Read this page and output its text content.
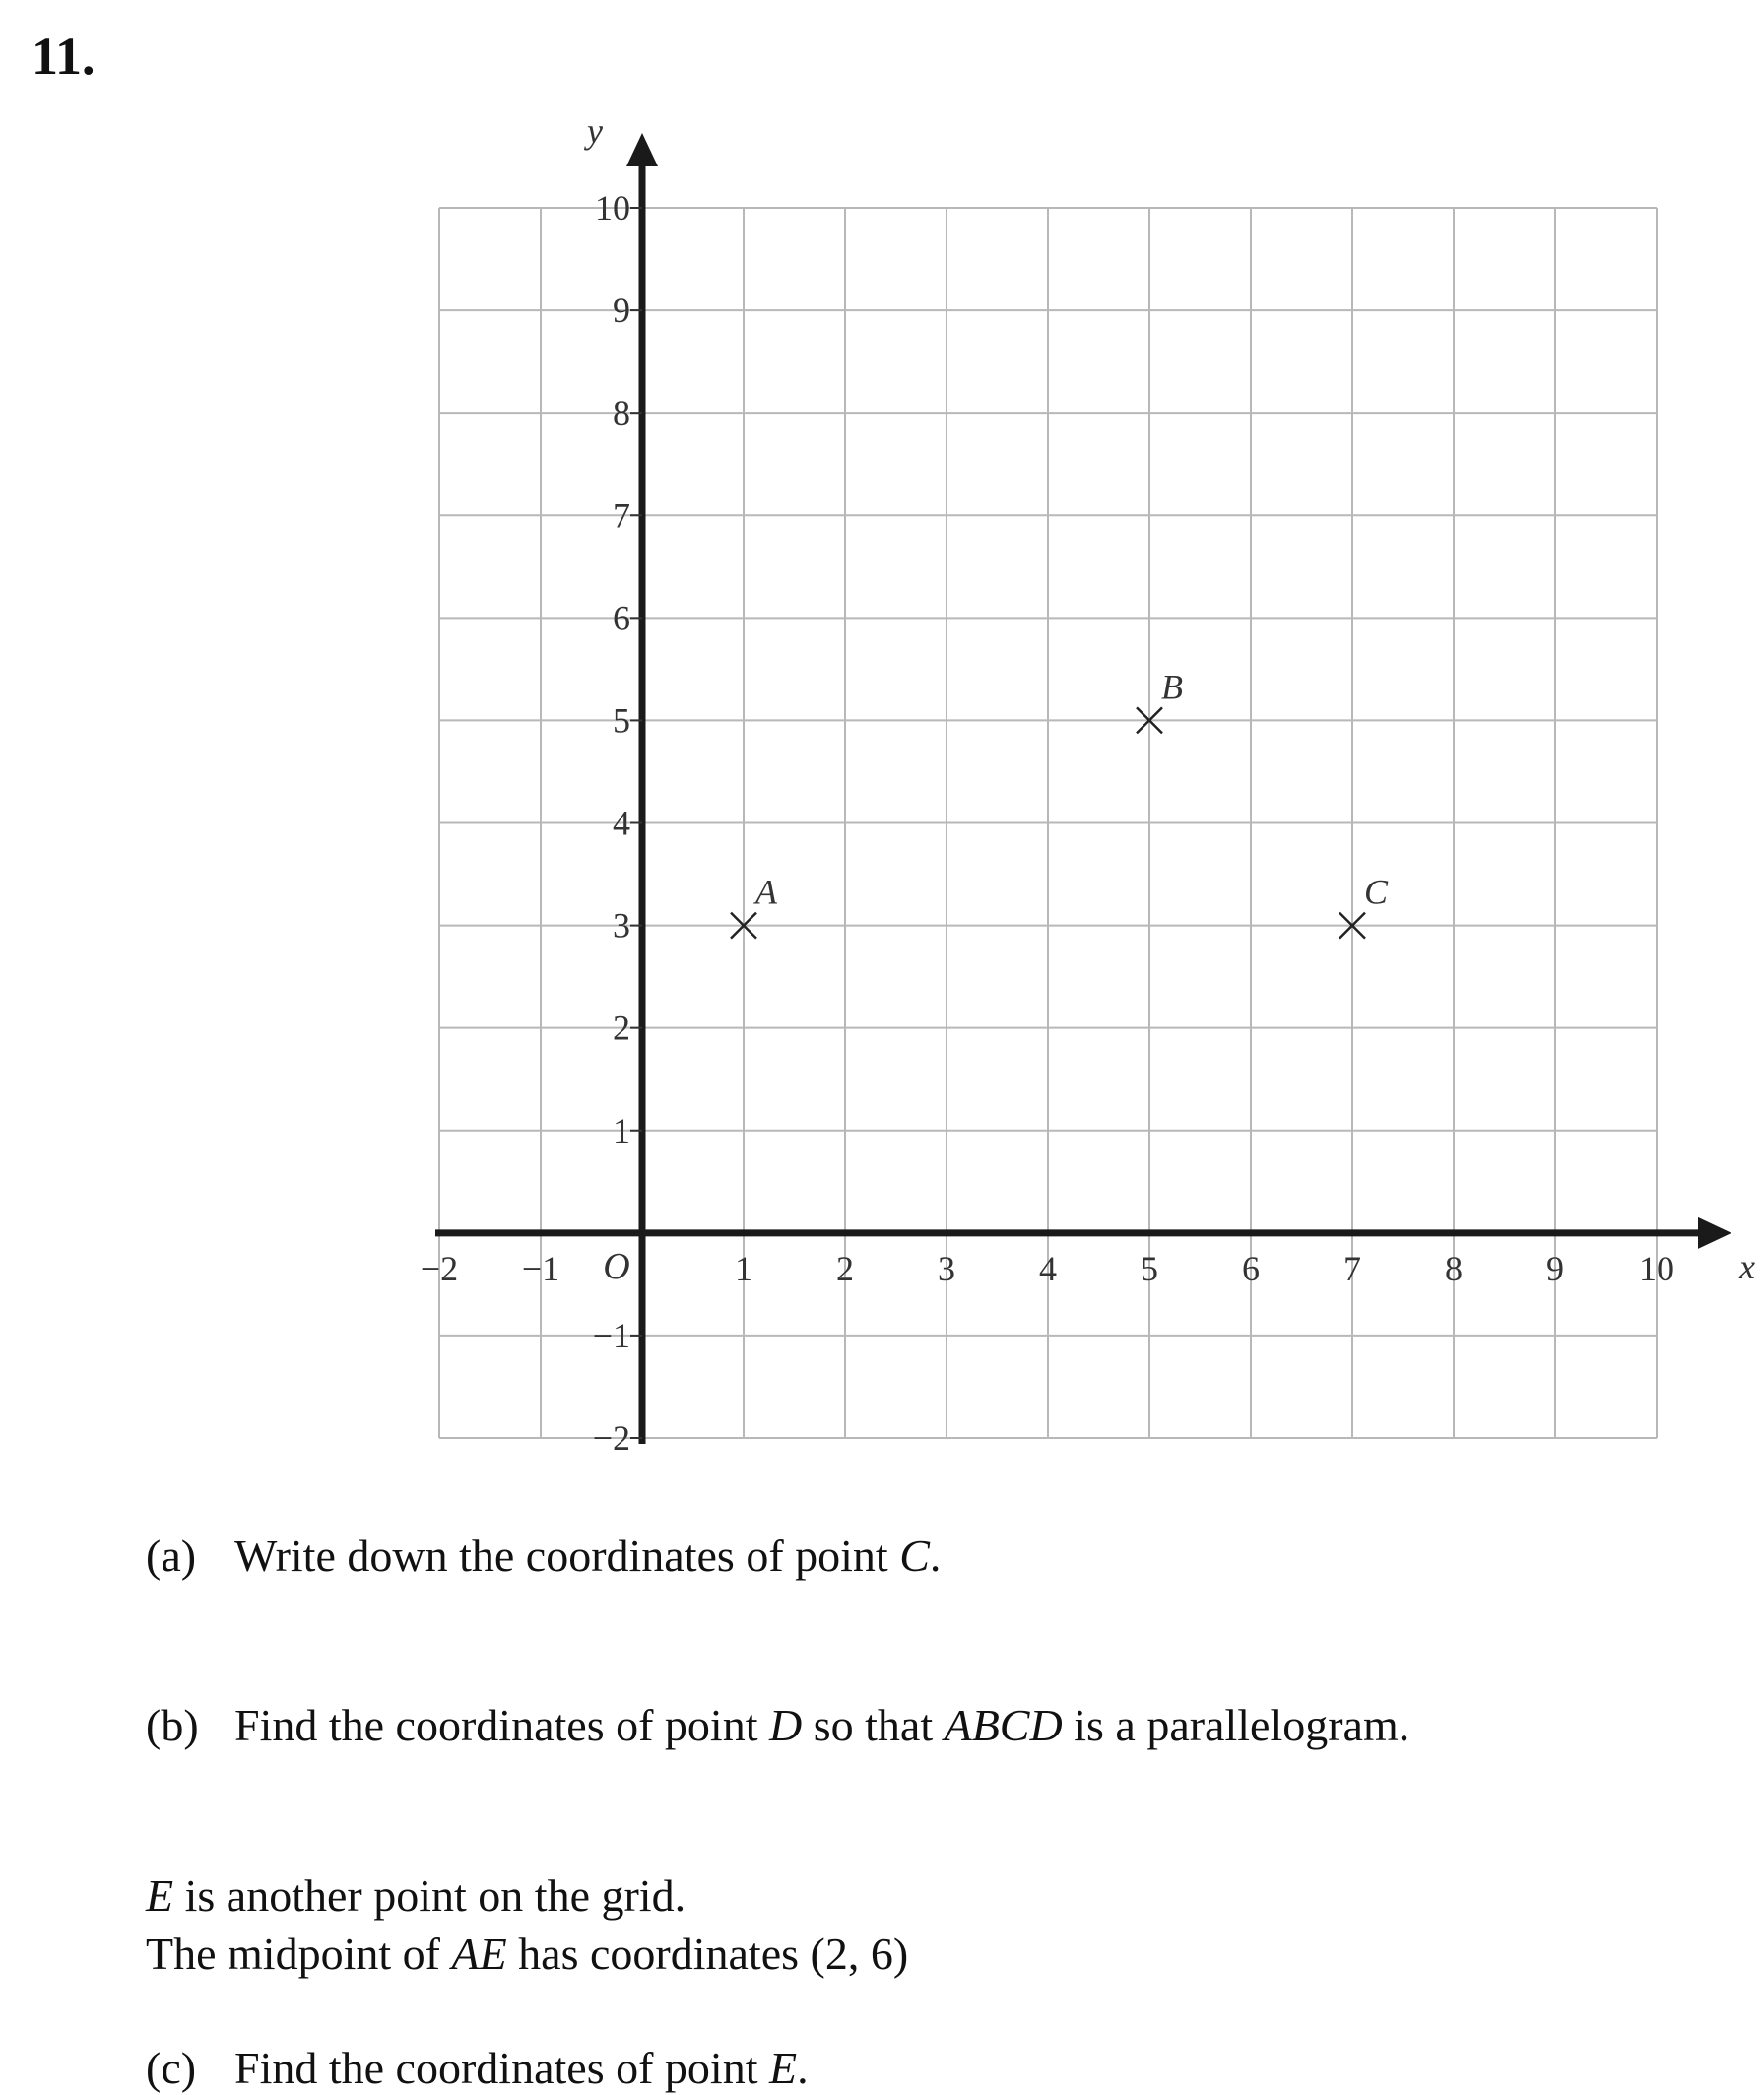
11.
x
y
O
−2 −1	1 2 3 4 5 6 7 8 9 10
−2
−1
1
2
3
4
5
6
7
8
9
10
A
B
C
(a) Write down the coordinates of point C.
(b) Find the coordinates of point D so that ABCD is a parallelogram.
E is another point on the grid.
The midpoint of AE has coordinates (2, 6)
(c) Find the coordinates of point E.
